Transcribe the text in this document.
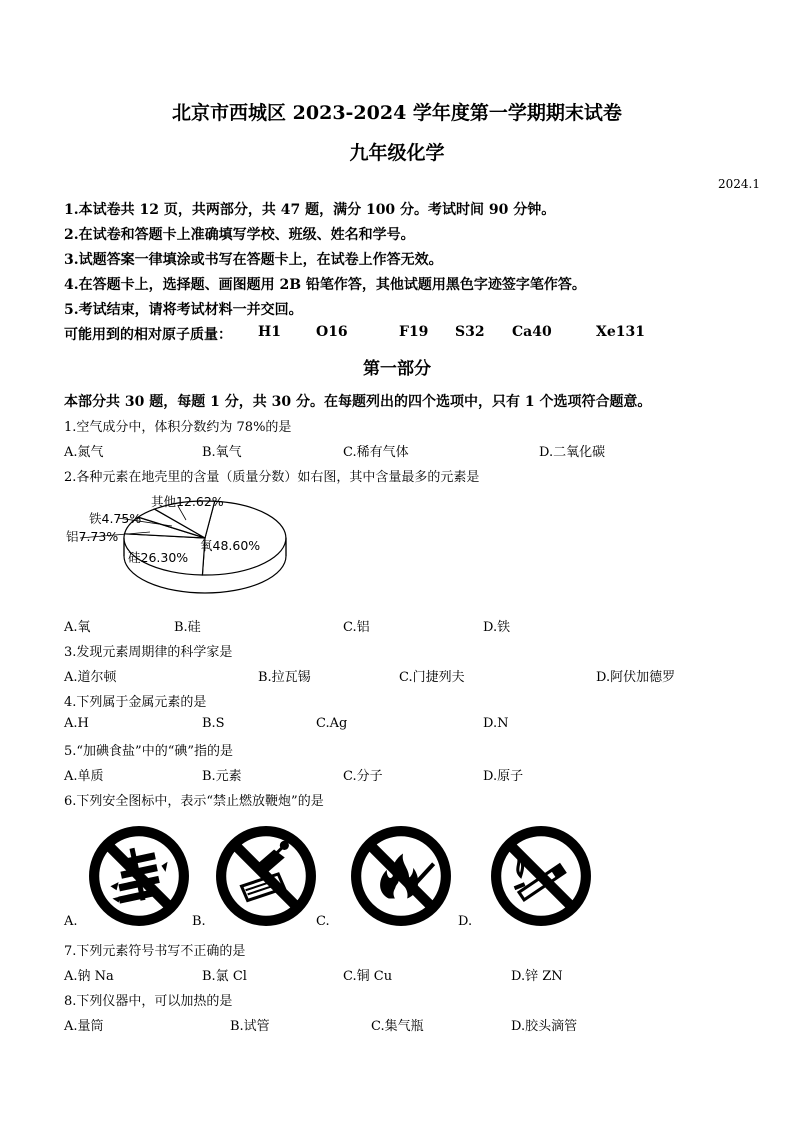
北京市西城区 2023-2024 学年度第一学期期末试卷
九年级化学
2024.1
1.本试卷共 12 页，共两部分，共 47 题，满分 100 分。考试时间 90 分钟。
2.在试卷和答题卡上准确填写学校、班级、姓名和学号。
3.试题答案一律填涂或书写在答题卡上，在试卷上作答无效。
4.在答题卡上，选择题、画图题用 2B 铅笔作答，其他试题用黑色字迹签字笔作答。
5.考试结束，请将考试材料一并交回。
可能用到的相对原子质量： H1	O16	F19 S32 Ca40	Xe131
第一部分
本部分共 30 题，每题 1 分，共 30 分。在每题列出的四个选项中，只有 1 个选项符合题意。
1.空气成分中，体积分数约为 78%的是
A.氮气	B.氧气	C.稀有气体	D.二氧化碳
2.各种元素在地壳里的含量（质量分数）如右图，其中含量最多的元素是
其他12.62%
铁4.75%
铝7.73%
硅26.30%
氧48.60%
A.氧	B.硅	C.铝	D.铁
3.发现元素周期律的科学家是
A.道尔顿	B.拉瓦锡	C.门捷列夫	D.阿伏加德罗
4.下列属于金属元素的是
A.H	B.S	C.Ag	D.N
5.“加碘食盐”中的“碘”指的是
A.单质	B.元素	C.分子	D.原子
6.下列安全图标中，表示“禁止燃放鞭炮”的是
A.	B.	C.	D.
7.下列元素符号书写不正确的是
A.钠 Na	B.氯 Cl	C.铜 Cu	D.锌 ZN
8.下列仪器中，可以加热的是
A.量筒	B.试管	C.集气瓶	D.胶头滴管
